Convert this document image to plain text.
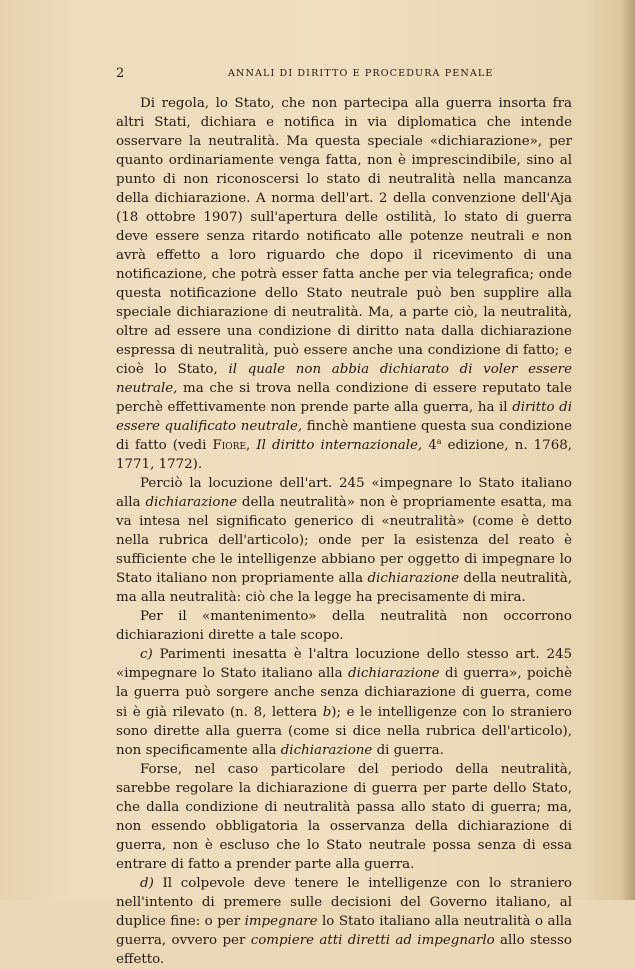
2	ANNALI DI DIRITTO E PROCEDURA PENALE

Di regola, lo Stato, che non partecipa alla guerra insorta fra altri Stati, dichiara e notifica in via diplomatica che intende osservare la neutralità. Ma questa speciale «dichiarazione», per quanto ordinariamente venga fatta, non è imprescindibile, sino al punto di non riconoscersi lo stato di neutralità nella mancanza della dichiarazione. A norma dell'art. 2 della convenzione dell'Aja (18 ottobre 1907) sull'apertura delle ostilità, lo stato di guerra deve essere senza ritardo notificato alle potenze neutrali e non avrà effetto a loro riguardo che dopo il ricevimento di una notificazione, che potrà esser fatta anche per via telegrafica; onde questa notificazione dello Stato neutrale può ben supplire alla speciale dichiarazione di neutralità. Ma, a parte ciò, la neutralità, oltre ad essere una condizione di diritto nata dalla dichiarazione espressa di neutralità, può essere anche una condizione di fatto; e cioè lo Stato, il quale non abbia dichiarato di voler essere neutrale, ma che si trova nella condizione di essere reputato tale perchè effettivamente non prende parte alla guerra, ha il diritto di essere qualificato neutrale, finchè mantiene questa sua condizione di fatto (vedi Fiore, Il diritto internazionale, 4$^a$ edizione, n. 1768, 1771, 1772).

Perciò la locuzione dell'art. 245 «impegnare lo Stato italiano alla dichiarazione della neutralità» non è propriamente esatta, ma va intesa nel significato generico di «neutralità» (come è detto nella rubrica dell'articolo); onde per la esistenza del reato è sufficiente che le intelligenze abbiano per oggetto di impegnare lo Stato italiano non propriamente alla dichiarazione della neutralità, ma alla neutralità: ciò che la legge ha precisamente di mira.

Per il «mantenimento» della neutralità non occorrono dichiarazioni dirette a tale scopo.

c) Parimenti inesatta è l'altra locuzione dello stesso art. 245 «impegnare lo Stato italiano alla dichiarazione di guerra», poichè la guerra può sorgere anche senza dichiarazione di guerra, come si è già rilevato (n. 8, lettera b); e le intelligenze con lo straniero sono dirette alla guerra (come si dice nella rubrica dell'articolo), non specificamente alla dichiarazione di guerra.

Forse, nel caso particolare del periodo della neutralità, sarebbe regolare la dichiarazione di guerra per parte dello Stato, che dalla condizione di neutralità passa allo stato di guerra; ma, non essendo obbligatoria la osservanza della dichiarazione di guerra, non è escluso che lo Stato neutrale possa senza di essa entrare di fatto a prender parte alla guerra.

d) Il colpevole deve tenere le intelligenze con lo straniero nell'intento di premere sulle decisioni del Governo italiano, al duplice fine: o per impegnare lo Stato italiano alla neutralità o alla guerra, ovvero per compiere atti diretti ad impegnarlo allo stesso effetto.
